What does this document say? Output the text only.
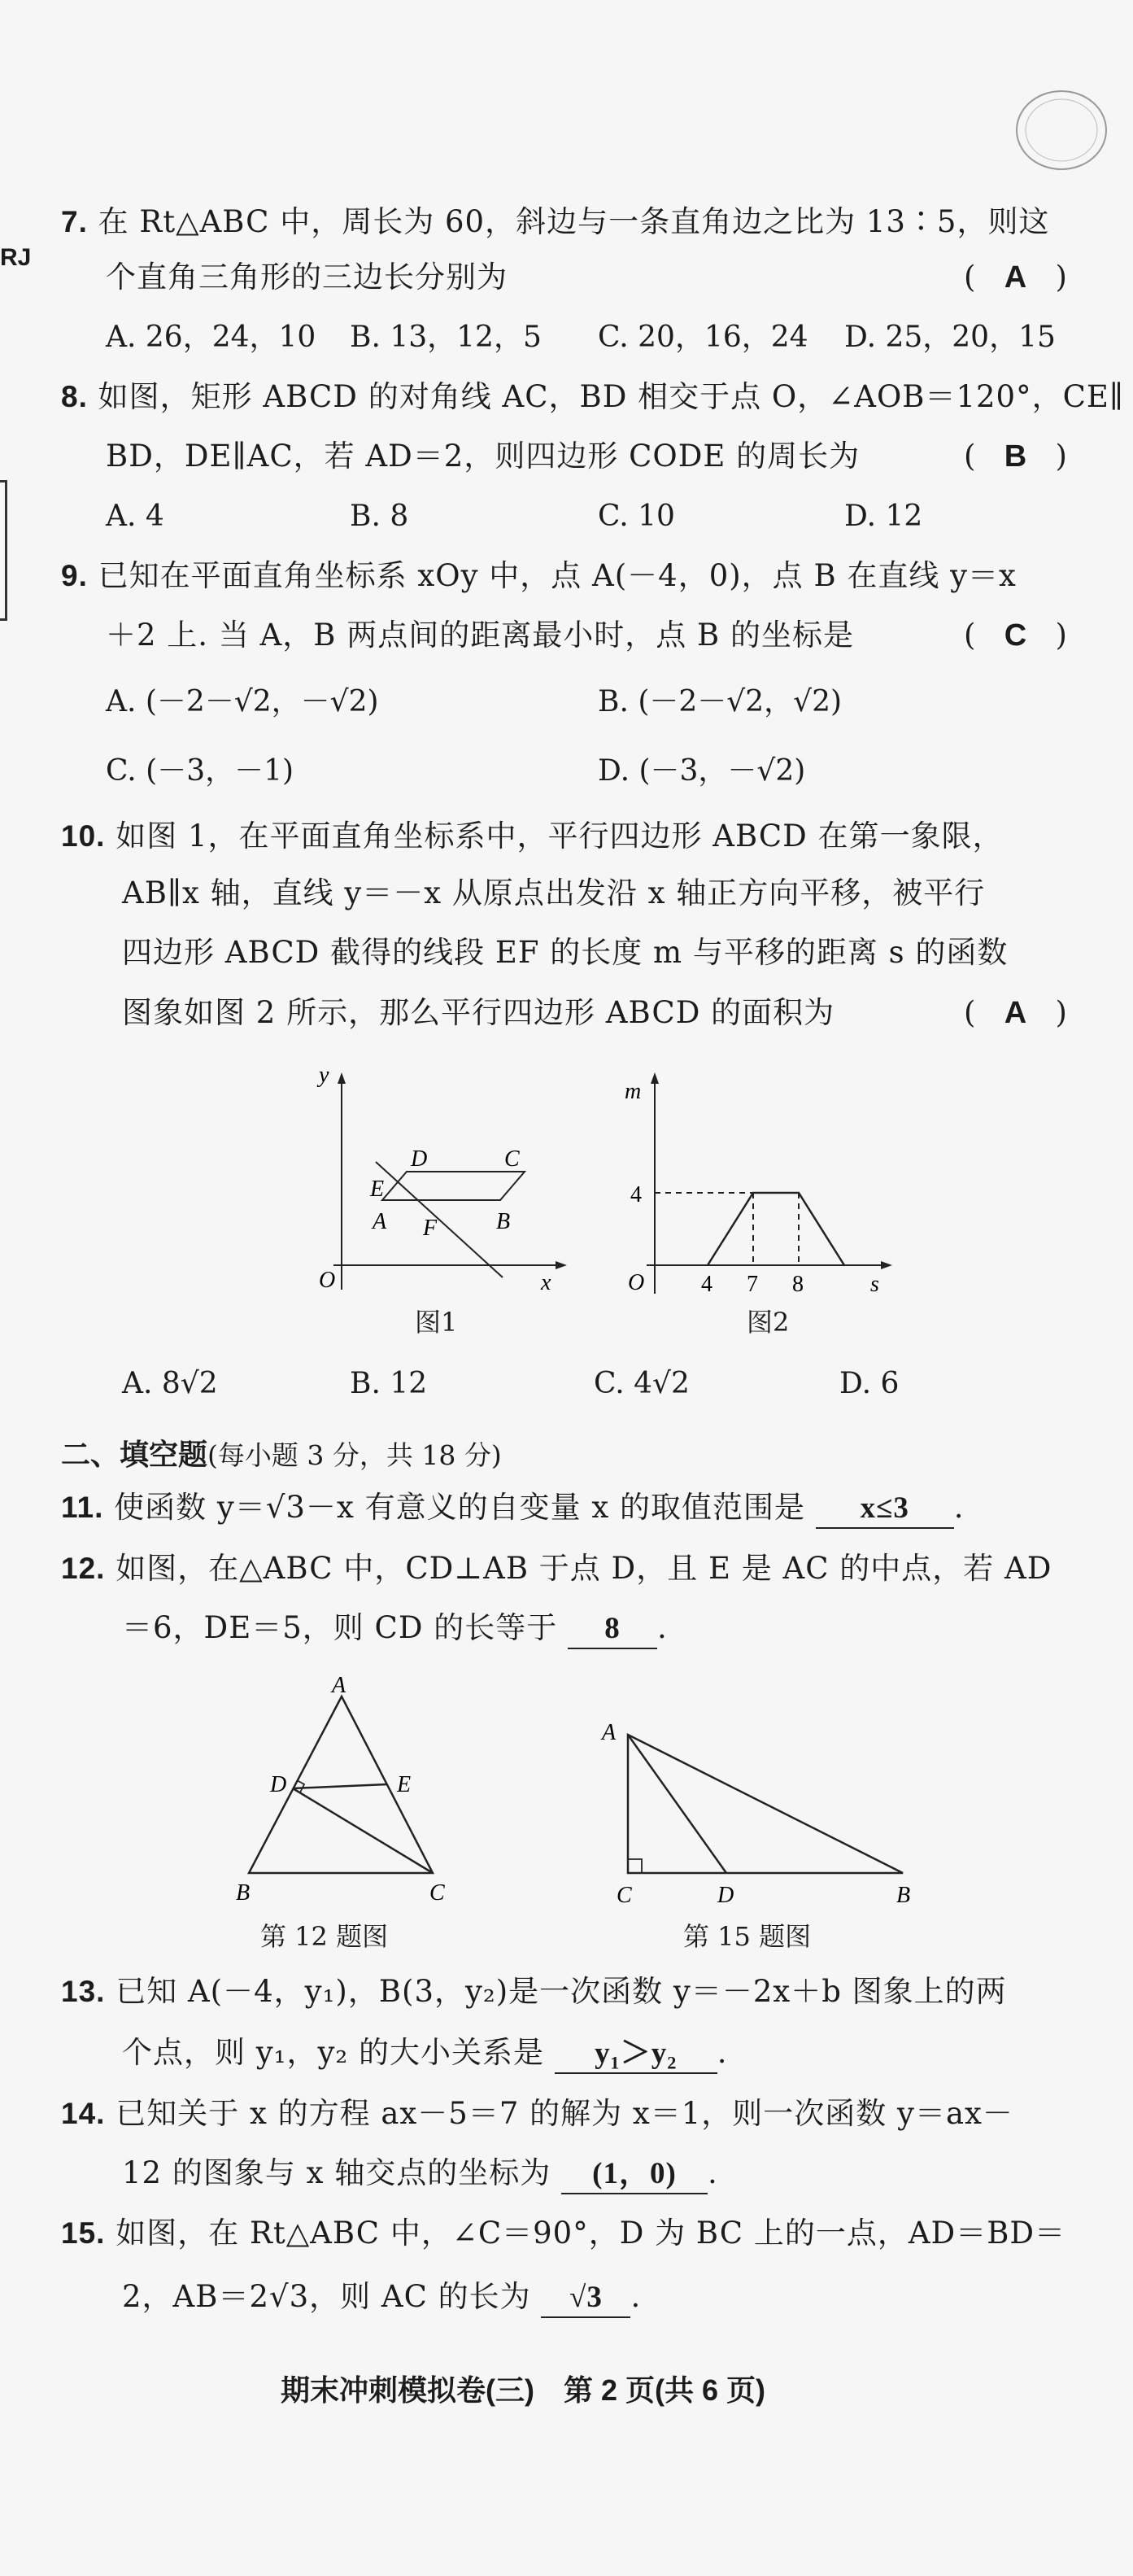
RJ
7. 在 Rt△ABC 中，周长为 60，斜边与一条直角边之比为 13∶5，则这
个直角三角形的三边长分别为	(   A   )
A. 26，24，10 B. 13，12，5 C. 20，16，24 D. 25，20，15
8. 如图，矩形 ABCD 的对角线 AC，BD 相交于点 O，∠AOB＝120°，CE∥
BD，DE∥AC，若 AD＝2，则四边形 CODE 的周长为	(   B   )
A. 4	B. 8	C. 10	D. 12
9. 已知在平面直角坐标系 xOy 中，点 A(－4，0)，点 B 在直线 y＝x
＋2 上. 当 A，B 两点间的距离最小时，点 B 的坐标是	(   C   )
A. (－2－√2，－√2)	B. (－2－√2，√2)
C. (－3，－1)	D. (－3，－√2)
10. 如图 1，在平面直角坐标系中，平行四边形 ABCD 在第一象限，
AB∥x 轴，直线 y＝－x 从原点出发沿 x 轴正方向平移，被平行
四边形 ABCD 截得的线段 EF 的长度 m 与平移的距离 s 的函数
图象如图 2 所示，那么平行四边形 ABCD 的面积为	(   A   )
y
O	x
D	C
E
A F	B
图1
m
4
O 4 7 8	s
图2
A. 8√2	B. 12	C. 4√2	D. 6
二、填空题(每小题 3 分，共 18 分)
11. 使函数 y＝√3－x 有意义的自变量 x 的取值范围是 x≤3 .
12. 如图，在△ABC 中，CD⊥AB 于点 D，且 E 是 AC 的中点，若 AD
＝6，DE＝5，则 CD 的长等于 8 .
A
D	E
B	C
第 12 题图
A
C	D	B
第 15 题图
13. 已知 A(－4，y₁)，B(3，y₂)是一次函数 y＝－2x＋b 图象上的两
个点，则 y₁，y₂ 的大小关系是 y₁＞y₂ .
14. 已知关于 x 的方程 ax－5＝7 的解为 x＝1，则一次函数 y＝ax－
12 的图象与 x 轴交点的坐标为 (1，0) .
15. 如图，在 Rt△ABC 中，∠C＝90°，D 为 BC 上的一点，AD＝BD＝
2，AB＝2√3，则 AC 的长为 √3 .
期末冲刺模拟卷(三)　第 2 页(共 6 页)
